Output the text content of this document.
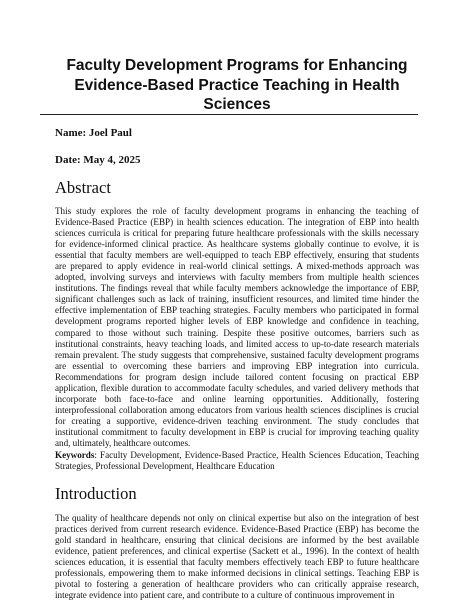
Faculty Development Programs for Enhancing Evidence-Based Practice Teaching in Health Sciences

Name: Joel Paul

Date: May 4, 2025

Abstract

This study explores the role of faculty development programs in enhancing the teaching of Evidence-Based Practice (EBP) in health sciences education. The integration of EBP into health sciences curricula is critical for preparing future healthcare professionals with the skills necessary for evidence-informed clinical practice. As healthcare systems globally continue to evolve, it is essential that faculty members are well-equipped to teach EBP effectively, ensuring that students are prepared to apply evidence in real-world clinical settings. A mixed-methods approach was adopted, involving surveys and interviews with faculty members from multiple health sciences institutions. The findings reveal that while faculty members acknowledge the importance of EBP, significant challenges such as lack of training, insufficient resources, and limited time hinder the effective implementation of EBP teaching strategies. Faculty members who participated in formal development programs reported higher levels of EBP knowledge and confidence in teaching, compared to those without such training. Despite these positive outcomes, barriers such as institutional constraints, heavy teaching loads, and limited access to up-to-date research materials remain prevalent. The study suggests that comprehensive, sustained faculty development programs are essential to overcoming these barriers and improving EBP integration into curricula. Recommendations for program design include tailored content focusing on practical EBP application, flexible duration to accommodate faculty schedules, and varied delivery methods that incorporate both face-to-face and online learning opportunities. Additionally, fostering interprofessional collaboration among educators from various health sciences disciplines is crucial for creating a supportive, evidence-driven teaching environment. The study concludes that institutional commitment to faculty development in EBP is crucial for improving teaching quality and, ultimately, healthcare outcomes.

Keywords: Faculty Development, Evidence-Based Practice, Health Sciences Education, Teaching Strategies, Professional Development, Healthcare Education

Introduction

The quality of healthcare depends not only on clinical expertise but also on the integration of best practices derived from current research evidence. Evidence-Based Practice (EBP) has become the gold standard in healthcare, ensuring that clinical decisions are informed by the best available evidence, patient preferences, and clinical expertise (Sackett et al., 1996). In the context of health sciences education, it is essential that faculty members effectively teach EBP to future healthcare professionals, empowering them to make informed decisions in clinical settings. Teaching EBP is pivotal to fostering a generation of healthcare providers who can critically appraise research, integrate evidence into patient care, and contribute to a culture of continuous improvement in
